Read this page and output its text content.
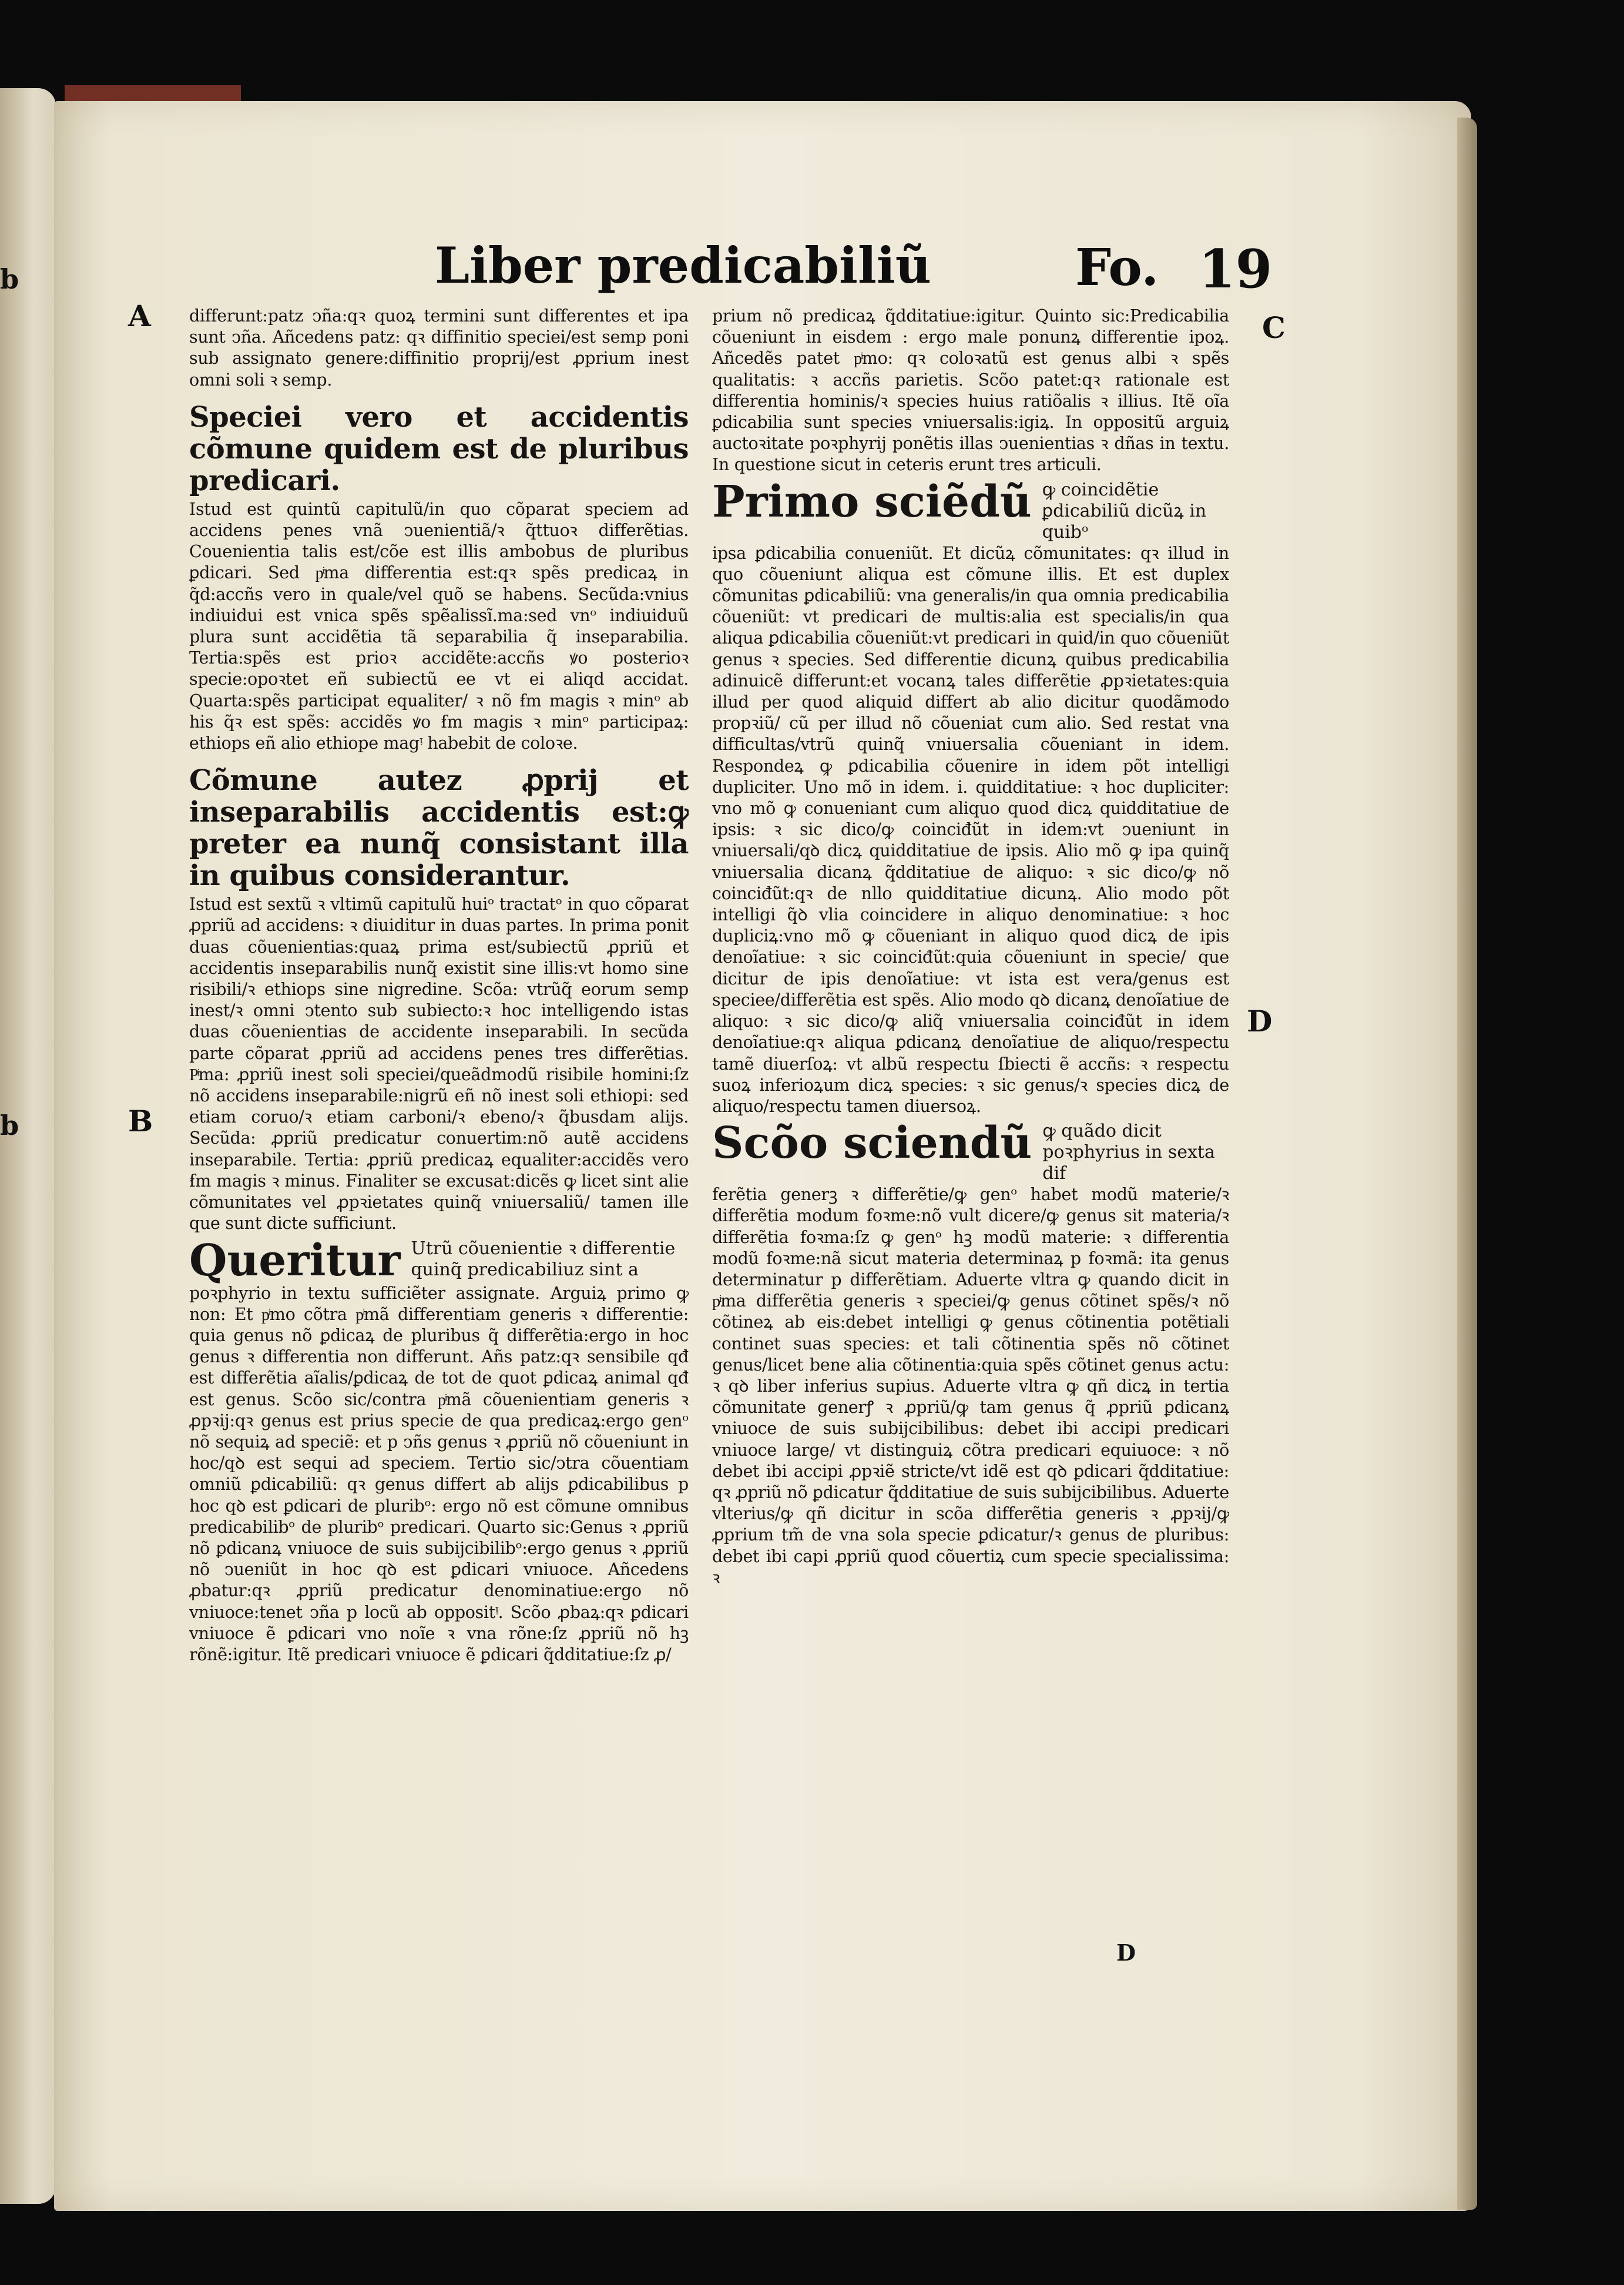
b
b
Liber predicabiliũ	Fo. 19
A
B
C
D

differunt:patz ↄña:qꝛ quoꝝ termini sunt differentes et ipa sunt ↄña. Añcedens patz: qꝛ diffinitio speciei/est semp poni sub assignato genere:diffinitio proprij/est ꝓprium inest omni soli ꝛ semp.

Speciei vero et accidentis cõmune quidem est de pluribus predicari.

Istud est quintũ capitulũ/in quo cõparat speciem ad accidens penes vnã ↄuenientiã/ꝛ q̃ttuoꝛ differẽtias. Couenientia talis est/cõe est illis ambobus de pluribus ꝑdicari. Sed pͥma differentia est:qꝛ spẽs predicaꝝ in q̃d:accñs vero in quale/vel quõ se habens. Secũda:vnius indiuidui est vnica spẽs spẽalissĩ.ma:sed vnᵒ indiuiduũ plura sunt accidẽtia tã separabilia q̃ inseparabilia. Tertia:spẽs est prioꝛ accidẽte:accñs ꝟo posterioꝛ specie:opoꝛtet eñ subiectũ ee vt ei aliqd accidat. Quarta:spẽs participat equaliter/ ꝛ nõ ẜm magis ꝛ minᵒ ab his q̃ꝛ est spẽs: accidẽs ꝟo ẜm magis ꝛ minᵒ participaꝝ: ethiops eñ alio ethiope magᵎ habebit de coloꝛe.

Cõmune autez ꝓprij et inseparabilis accidentis est:ꝙ preter ea nunq̃ consistant illa in quibus considerantur.

Istud est sextũ ꝛ vltimũ capitulũ huiᵒ tractatᵒ in quo cõparat ꝓpriũ ad accidens: ꝛ diuiditur in duas partes. In prima ponit duas cõuenientias:quaꝝ prima est/subiectũ ꝓpriũ et accidentis inseparabilis nunq̃ existit sine illis:vt homo sine risibili/ꝛ ethiops sine nigredine. Scõa: vtrũq̃ eorum semp inest/ꝛ omni ↄtento sub subiecto:ꝛ hoc intelligendo istas duas cõuenientias de accidente inseparabili. In secũda parte cõparat ꝓpriũ ad accidens penes tres differẽtias. Pͥma: ꝓpriũ inest soli speciei/queãdmodũ risibile homini:ſz nõ accidens inseparabile:nigrũ eñ nõ inest soli ethiopi: sed etiam coruo/ꝛ etiam carboni/ꝛ ebeno/ꝛ q̃busdam alijs. Secũda: ꝓpriũ predicatur conuertim:nõ autẽ accidens inseparabile. Tertia: ꝓpriũ predicaꝝ equaliter:accidẽs vero ẜm magis ꝛ minus. Finaliter se excusat:dicẽs ꝙ licet sint alie cõmunitates vel ꝓpꝛietates quinq̃ vniuersaliũ/ tamen ille que sunt dicte sufficiunt.

Queritur Utrũ cõuenientie ꝛ differentie quinq̃ predicabiliuz sint a

poꝛphyrio in textu sufficiẽter assignate. Arguiꝝ primo ꝙ non: Et pͥmo cõtra pͥmã differentiam generis ꝛ differentie: quia genus nõ ꝑdicaꝝ de pluribus q̃ differẽtia:ergo in hoc genus ꝛ differentia non differunt. Añs patz:qꝛ sensibile qđ est differẽtia aĩalis/ꝑdicaꝝ de tot de quot ꝑdicaꝝ animal qđ est genus. Scõo sic/contra pͥmã cõuenientiam generis ꝛ ꝓpꝛij:qꝛ genus est prius specie de qua predicaꝝ:ergo genᵒ nõ sequiꝝ ad speciẽ: et p ↄñs genus ꝛ ꝓpriũ nõ cõueniunt in hoc/qꝺ est sequi ad speciem. Tertio sic/ↄtra cõuentiam omniũ ꝑdicabiliũ: qꝛ genus differt ab alijs ꝑdicabilibus p hoc qꝺ est ꝑdicari de pluribᵒ: ergo nõ est cõmune omnibus predicabilibᵒ de pluribᵒ predicari. Quarto sic:Genus ꝛ ꝓpriũ nõ ꝑdicanꝝ vniuoce de suis subijcibilibᵒ:ergo genus ꝛ ꝓpriũ nõ ↄueniũt in hoc qꝺ est ꝑdicari vniuoce. Añcedens ꝓbatur:qꝛ ꝓpriũ predicatur denominatiue:ergo nõ vniuoce:tenet ↄña p locũ ab oppositᵎ. Scõo ꝓbaꝝ:qꝛ ꝑdicari vniuoce ẽ ꝑdicari vno noĩe ꝛ vna rõne:ſz ꝓpriũ nõ hꝫ rõnẽ:igitur. Itẽ predicari vniuoce ẽ ꝑdicari q̃dditatiue:ſz ꝓ/

prium nõ predicaꝝ q̃dditatiue:igitur. Quinto sic:Predicabilia cõueniunt in eisdem : ergo male ponunꝝ differentie ipoꝝ. Añcedẽs patet pͥmo: qꝛ coloꝛatũ est genus albi ꝛ spẽs qualitatis: ꝛ accñs parietis. Scõo patet:qꝛ rationale est differentia hominis/ꝛ species huius ratiõalis ꝛ illius. Itẽ oĩa ꝑdicabilia sunt species vniuersalis:igiꝝ. In oppositũ arguiꝝ auctoꝛitate poꝛphyrij ponẽtis illas ↄuenientias ꝛ dñas in textu. In questione sicut in ceteris erunt tres articuli.

Primo sciẽdũ ꝙ coincidẽtie ꝑdicabiliũ dicũꝝ in quibᵒ

ipsa ꝑdicabilia conueniũt. Et dicũꝝ cõmunitates: qꝛ illud in quo cõueniunt aliqua est cõmune illis. Et est duplex cõmunitas ꝑdicabiliũ: vna generalis/in qua omnia predicabilia cõueniũt: vt predicari de multis:alia est specialis/in qua aliqua ꝑdicabilia cõueniũt:vt predicari in quid/in quo cõueniũt genus ꝛ species. Sed differentie dicunꝝ quibus predicabilia adinuicẽ differunt:et vocanꝝ tales differẽtie ꝓpꝛietates:quia illud per quod aliquid differt ab alio dicitur quodãmodo propꝛiũ/ cũ per illud nõ cõueniat cum alio. Sed restat vna difficultas/vtrũ quinq̃ vniuersalia cõueniant in idem. Respondeꝝ ꝙ ꝑdicabilia cõuenire in idem põt intelligi dupliciter. Uno mõ in idem. i. quidditatiue: ꝛ hoc dupliciter: vno mõ ꝙ conueniant cum aliquo quod dicꝝ quidditatiue de ipsis: ꝛ sic dico/ꝙ coinciđũt in idem:vt ↄueniunt in vniuersali/qꝺ dicꝝ quidditatiue de ipsis. Alio mõ ꝙ ipa quinq̃ vniuersalia dicanꝝ q̃dditatiue de aliquo: ꝛ sic dico/ꝙ nõ coinciđũt:qꝛ de nllo quidditatiue dicunꝝ. Alio modo põt intelligi q̃ꝺ vlia coincidere in aliquo denominatiue: ꝛ hoc dupliciꝝ:vno mõ ꝙ cõueniant in aliquo quod dicꝝ de ipis denoĩatiue: ꝛ sic coinciđũt:quia cõueniunt in specie/ que dicitur de ipis denoĩatiue: vt ista est vera/genus est speciee/differẽtia est spẽs. Alio modo qꝺ dicanꝝ denoĩatiue de aliquo: ꝛ sic dico/ꝙ aliq̃ vniuersalia coinciđũt in idem denoĩatiue:qꝛ aliqua ꝑdicanꝝ denoĩatiue de aliquo/respectu tamẽ diuerſoꝝ: vt albũ respectu ſbiecti ẽ accñs: ꝛ respectu suoꝝ inferioꝝum dicꝝ species: ꝛ sic genus/ꝛ species dicꝝ de aliquo/respectu tamen diuersoꝝ.

Scõo sciendũ ꝙ quãdo dicit poꝛphyrius in sexta dif

ferẽtia generꝫ ꝛ differẽtie/ꝙ genᵒ habet modũ materie/ꝛ differẽtia modum foꝛme:nõ vult dicere/ꝙ genus sit materia/ꝛ differẽtia foꝛma:ſz ꝙ genᵒ hꝫ modũ materie: ꝛ differentia modũ foꝛme:nã sicut materia determinaꝝ p foꝛmã: ita genus determinatur p differẽtiam. Aduerte vltra ꝙ quando dicit in pͥma differẽtia generis ꝛ speciei/ꝙ genus cõtinet spẽs/ꝛ nõ cõtineꝝ ab eis:debet intelligi ꝙ genus cõtinentia potẽtiali continet suas species: et tali cõtinentia spẽs nõ cõtinet genus/licet bene alia cõtinentia:quia spẽs cõtinet genus actu: ꝛ qꝺ liber inferius supius. Aduerte vltra ꝙ qñ dicꝝ in tertia cõmunitate generꝭ ꝛ ꝓpriũ/ꝙ tam genus q̃ ꝓpriũ ꝑdicanꝝ vniuoce de suis subijcibilibus: debet ibi accipi predicari vniuoce large/ vt distinguiꝝ cõtra predicari equiuoce: ꝛ nõ debet ibi accipi ꝓpꝛiẽ stricte/vt idẽ est qꝺ ꝑdicari q̃dditatiue: qꝛ ꝓpriũ nõ ꝑdicatur q̃dditatiue de suis subijcibilibus. Aduerte vlterius/ꝙ qñ dicitur in scõa differẽtia generis ꝛ ꝓpꝛij/ꝙ ꝓprium tm̃ de vna sola specie ꝑdicatur/ꝛ genus de pluribus: debet ibi capi ꝓpriũ quod cõuertiꝝ cum specie specialissima: ꝛ

D
